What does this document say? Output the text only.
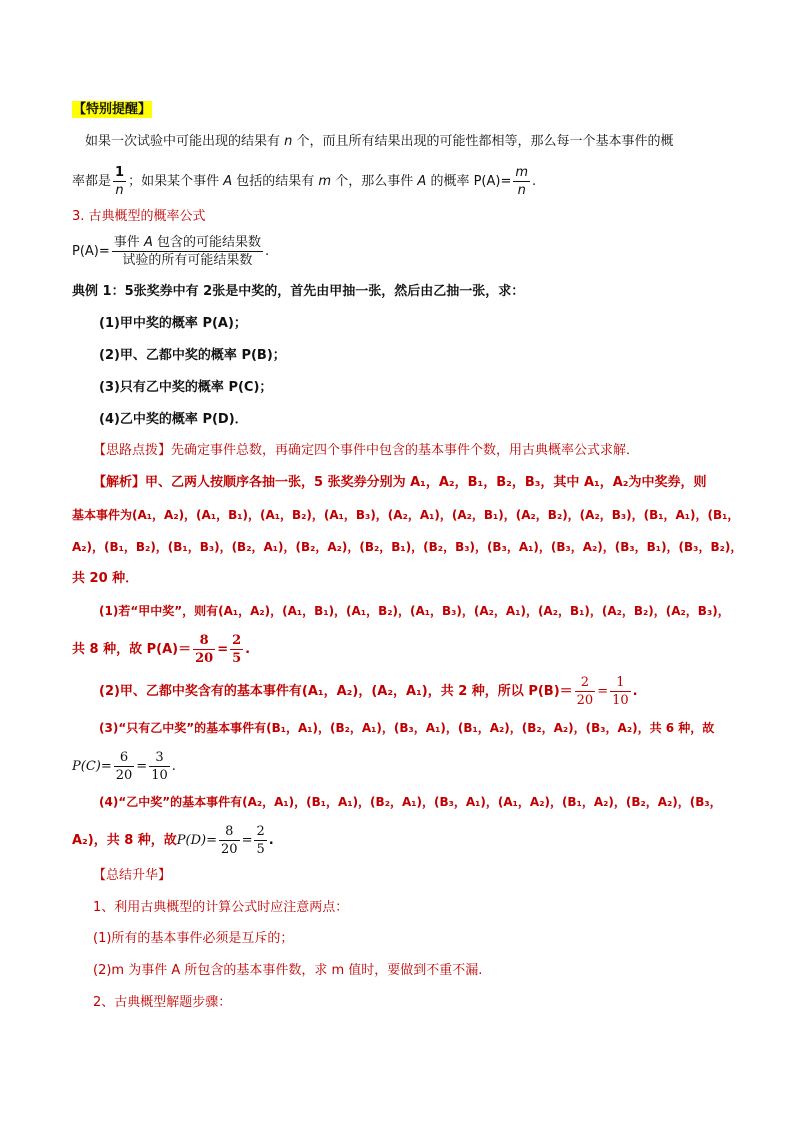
【特别提醒】
如果一次试验中可能出现的结果有 n 个，而且所有结果出现的可能性都相等，那么每一个基本事件的概
率都是 $\frac{1}{n}$ ；如果某个事件 A 包括的结果有 m 个，那么事件 A 的概率 $P(A)= \frac{m}{n}$ .
3. 古典概型的概率公式
$P(A)= \frac{\text{事件 A 包含的可能结果数}}{\text{试验的所有可能结果数}}$ .
典例 1：5张奖券中有 2张是中奖的，首先由甲抽一张，然后由乙抽一张，求：
(1)甲中奖的概率 P(A)；
(2)甲、乙都中奖的概率 P(B)；
(3)只有乙中奖的概率 P(C)；
(4)乙中奖的概率 P(D)．
【思路点拨】先确定事件总数，再确定四个事件中包含的基本事件个数，用古典概率公式求解．
【解析】甲、乙两人按顺序各抽一张，5 张奖券分别为 A₁，A₂，B₁，B₂，B₃，其中 A₁，A₂为中奖券，则
基本事件为(A₁，A₂)，(A₁，B₁)，(A₁，B₂)，(A₁，B₃)，(A₂，A₁)，(A₂，B₁)，(A₂，B₂)，(A₂，B₃)，(B₁，A₁)，(B₁，
A₂)，(B₁，B₂)，(B₁，B₃)，(B₂，A₁)，(B₂，A₂)，(B₂，B₁)，(B₂，B₃)，(B₃，A₁)，(B₃，A₂)，(B₃，B₁)，(B₃，B₂)，
共 20 种．
(1)若“甲中奖”，则有(A₁，A₂)，(A₁，B₁)，(A₁，B₂)，(A₁，B₃)，(A₂，A₁)，(A₂，B₁)，(A₂，B₂)，(A₂，B₃)，
共 8 种，故 $P(A)= \frac{8}{20} = \frac{2}{5}$ .
(2)甲、乙都中奖含有的基本事件有(A₁，A₂)，(A₂，A₁)，共 2 种，所以 $P(B)= \frac{2}{20} = \frac{1}{10}$ .
(3)“只有乙中奖”的基本事件有(B₁，A₁)，(B₂，A₁)，(B₃，A₁)，(B₁，A₂)，(B₂，A₂)，(B₃，A₂)，共 6 种，故
$P(C)= \frac{6}{20} = \frac{3}{10}$ .
(4)“乙中奖”的基本事件有(A₂，A₁)，(B₁，A₁)，(B₂，A₁)，(B₃，A₁)，(A₁，A₂)，(B₁，A₂)，(B₂，A₂)，(B₃，
A₂)，共 8 种，故$P(D)= \frac{8}{20} = \frac{2}{5}$ .
【总结升华】
1、利用古典概型的计算公式时应注意两点：
(1)所有的基本事件必须是互斥的；
(2)m 为事件 A 所包含的基本事件数，求 m 值时，要做到不重不漏.
2、古典概型解题步骤：
